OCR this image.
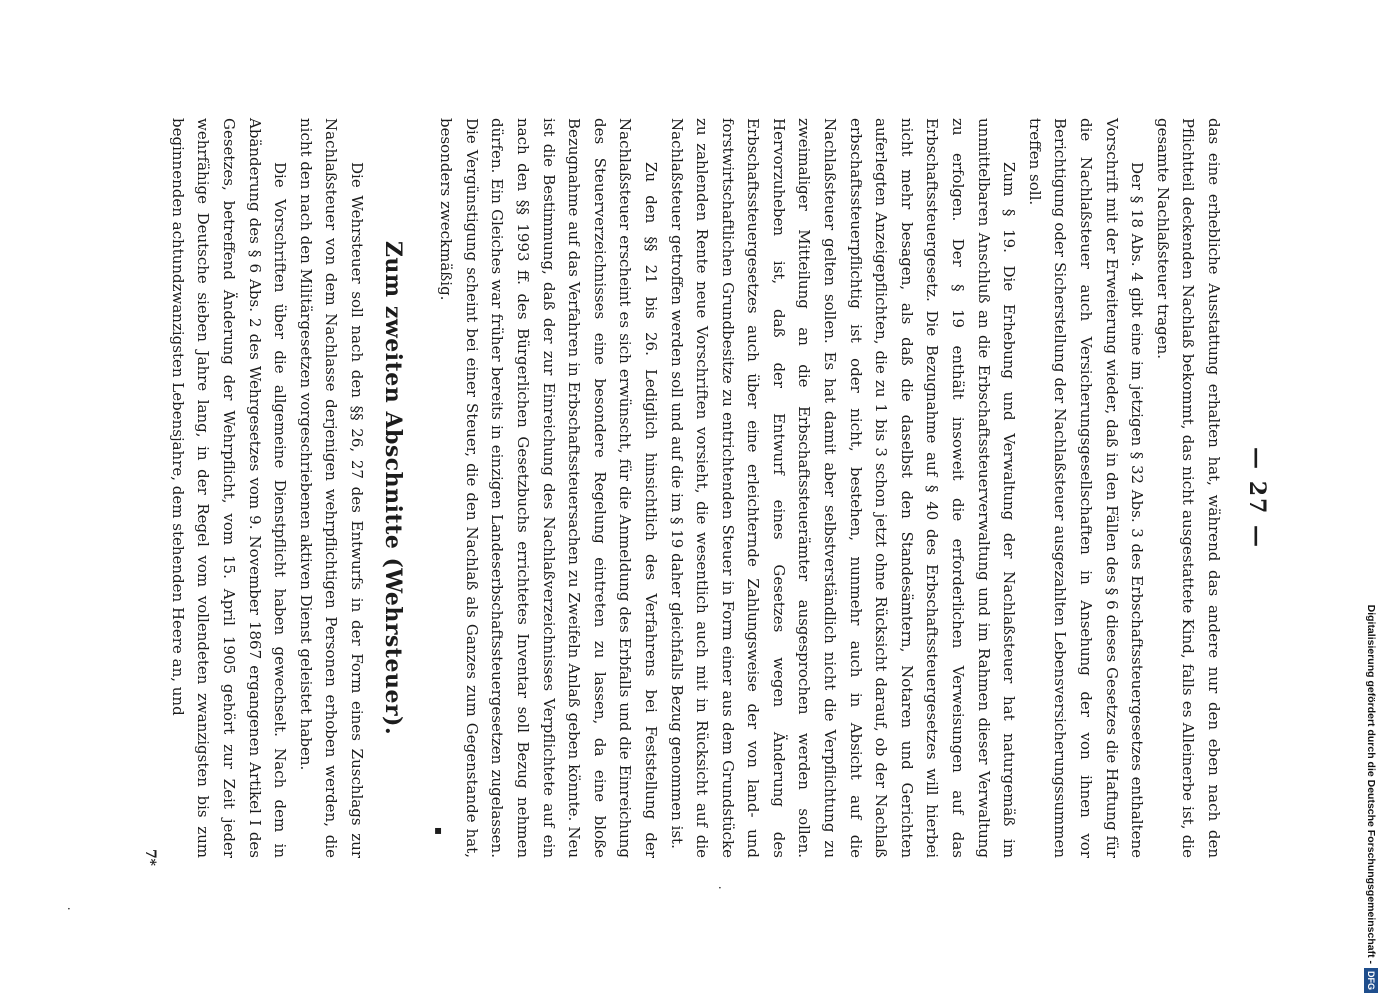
— 27 —

das eine erhebliche Ausstattung erhalten hat, während das andere nur den eben nach den Pflichtteil deckenden Nachlaß bekommt, das nicht ausgestattete Kind, falls es Alleinerbe ist, die gesamte Nachlaßsteuer tragen.

Der § 18 Abs. 4 gibt eine im jetzigen § 32 Abs. 3 des Erbschaftssteuergesetzes enthaltene Vorschrift mit der Erweiterung wieder, daß in den Fällen des § 6 dieses Gesetzes die Haftung für die Nachlaßsteuer auch Versicherungsgesellschaften in Ansehung der von ihnen vor Berichtigung oder Sicherstellung der Nachlaßsteuer ausgezahlten Lebensversicherungssummen treffen soll.

Zum § 19. Die Erhebung und Verwaltung der Nachlaßsteuer hat naturgemäß im unmittelbaren Anschluß an die Erbschaftssteuerverwaltung und im Rahmen dieser Verwaltung zu erfolgen. Der § 19 enthält insoweit die erforderlichen Verweisungen auf das Erbschaftssteuergesetz. Die Bezugnahme auf § 40 des Erbschaftssteuergesetzes will hierbei nicht mehr besagen, als daß die daselbst den Standesämtern, Notaren und Gerichten auferlegten Anzeigepflichten, die zu 1 bis 3 schon jetzt ohne Rücksicht darauf, ob der Nachlaß erbschaftssteuerpflichtig ist oder nicht, bestehen, nunmehr auch in Absicht auf die Nachlaßsteuer gelten sollen. Es hat damit aber selbstverständlich nicht die Verpflichtung zu zweimaliger Mitteilung an die Erbschaftssteuerämter ausgesprochen werden sollen. Hervorzuheben ist, daß der Entwurf eines Gesetzes wegen Änderung des Erbschaftssteuergesetzes auch über eine erleichternde Zahlungsweise der von land- und forstwirtschaftlichen Grundbesitze zu entrichtenden Steuer in Form einer aus dem Grundstücke zu zahlenden Rente neue Vorschriften vorsieht, die wesentlich auch mit in Rücksicht auf die Nachlaßsteuer getroffen werden soll und auf die im § 19 daher gleichfalls Bezug genommen ist.

Zu den §§ 21 bis 26. Lediglich hinsichtlich des Verfahrens bei Feststellung der Nachlaßsteuer erscheint es sich erwünscht, für die Anmeldung des Erbfalls und die Einreichung des Steuerverzeichnisses eine besondere Regelung eintreten zu lassen, da eine bloße Bezugnahme auf das Verfahren in Erbschaftssteuersachen zu Zweifeln Anlaß geben könnte. Neu ist die Bestimmung, daß der zur Einreichung des Nachlaßverzeichnisses Verpflichtete auf ein nach den §§ 1993 ff. des Bürgerlichen Gesetzbuchs errichtetes Inventar soll Bezug nehmen dürfen. Ein Gleiches war früher bereits in einzigen Landeserbschaftssteuergesetzen zugelassen. Die Vergünstigung scheint bei einer Steuer, die den Nachlaß als Ganzes zum Gegenstande hat, besonders zweckmäßig.

Zum zweiten Abschnitte (Wehrsteuer).

Die Wehrsteuer soll nach den §§ 26, 27 des Entwurfs in der Form eines Zuschlags zur Nachlaßsteuer von dem Nachlasse derjenigen wehrpflichtigen Personen erhoben werden, die nicht den nach den Militärgesetzen vorgeschriebenen aktiven Dienst geleistet haben.

Die Vorschriften über die allgemeine Dienstpflicht haben gewechselt. Nach dem in Abänderung des § 6 Abs. 2 des Wehrgesetzes vom 9. November 1867 ergangenen Artikel I des Gesetzes, betreffend Änderung der Wehrpflicht, vom 15. April 1905 gehört zur Zeit jeder wehrfähige Deutsche sieben Jahre lang, in der Regel vom vollendeten zwanzigsten bis zum beginnenden achtundzwanzigsten Lebensjahre, dem stehenden Heere an, und

7*
▪
·
·	Digitalisierung gefördert durch die Deutsche Forschungsgemeinschaft -
DFG
